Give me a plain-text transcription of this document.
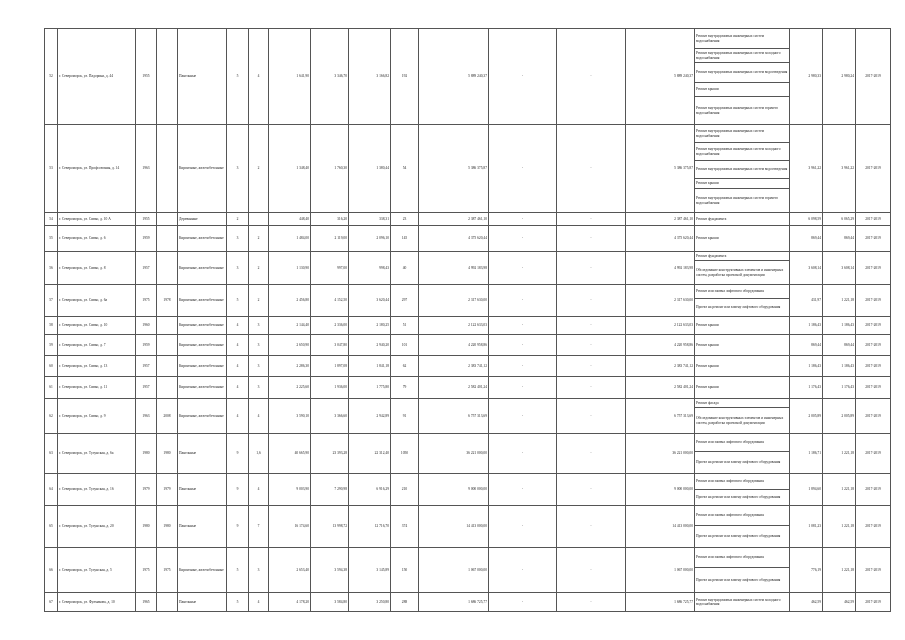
52	г. Североморск, ул. Падорина, д. 44	1955		Панельные	5	4	1 641,90	3 346,70	3 166,82	192	5 889 240,37	-	-	5 889 240,37	Ремонт внутридомовых инженерных систем водоснабжения	2 980,33	2 980,24	2017-2019
															Ремонт внутридомовых инженерных систем холодного водоснабжения			
															Ремонт внутридомовых инженерных систем водоотведения			
															Ремонт крыши			
															Ремонт внутридомовых инженерных систем горячего водоснабжения			
53	г. Североморск, ул. Профсоюзная, д. 14	1963		Кирпичные, железобетонные	3	2	1 348,40	1 760,30	1 380,44	54	5 386 375,87	-	-	5 386 375,87	Ремонт внутридомовых инженерных систем водоснабжения	3 961,22	3 961,22	2017-2019
															Ремонт внутридомовых инженерных систем холодного водоснабжения			
															Ремонт внутридомовых инженерных систем водоотведения			
															Ремонт крыши			
															Ремонт внутридомовых инженерных систем горячего водоснабжения			
54	г. Североморск, ул. Сивко, д. 10 А	1955		Деревянные	2		448,40	316,20	338,31	23	2 387 461,10	-	-	2 387 461,10	Ремонт фундамента	6 098,59	6 065,29	2017-2019
55	г. Североморск, ул. Сивко, д. 6	1959		Кирпичные, железобетонные	3	2	1 484,00	2 119,00	2 096,10	145	4 375 620,44	-	-	4 375 620,44	Ремонт крыши	869,44	869,44	2017-2019
56	г. Североморск, ул. Сивко, д. 8	1957		Кирпичные, железобетонные	3	2	1 130,90	997,00	998,43	40	4 992 183,98	-	-	4 992 183,98	Ремонт фундамента	3 608,14	3 608,14	2017-2019
															Обследование конструктивных элементов и инженерных систем, разработка проектной документации			
57	г. Североморск, ул. Сивко, д. 6а	1975	1978	Кирпичные, железобетонные	5	2	2 456,80	4 152,50	3 620,44	297	2 317 630,00	-	-	2 317 630,00	Ремонт или замена лифтового оборудования	431,97	1 221,18	2017-2019
															Проект на ремонт или замену лифтового оборудования			
58	г. Североморск, ул. Сивко, д. 10	1960		Кирпичные, железобетонные	4	3	2 144,40	2 336,00	2 180,25	51	2 122 633,03	-	-	2 122 633,03	Ремонт крыши	1 186,43	1 186,43	2017-2019
59	г. Североморск, ул. Сивко, д. 7	1959		Кирпичные, железобетонные	4	3	2 650,90	3 047,80	2 940,20	101	4 220 958,86	-	-	4 220 958,86	Ремонт крыши	869,44	869,44	2017-2019
60	г. Североморск, ул. Сивко, д. 13	1957		Кирпичные, железобетонные	4	3	2 286,30	1 897,08	1 841,18	62	2 383 741,12	-	-	2 383 741,12	Ремонт крыши	1 186,43	1 186,43	2017-2019
61	г. Североморск, ул. Сивко, д. 11	1957		Кирпичные, железобетонные	4	3	2 225,60	1 936,00	1 775,80	79	2 582 401,24	-	-	2 582 401,24	Ремонт крыши	1 176,43	1 176,43	2017-2019
62	г. Североморск, ул. Сивко, д. 9	1963	2008	Кирпичные, железобетонные	4	4	3 590,10	3 366,60	2 942,89	91	6 757 313,69	-	-	6 757 313,69	Ремонт фасада	2 005,89	2 005,89	2017-2019
															Обследование конструктивных элементов и инженерных систем, разработка проектной документации			
63	г. Североморск, ул. Тулунская, д. 6а	1980	1980	Панельные	9	1,6	40 665,90	23 393,28	22 312,40	1050	36 221 000,00	-	-	36 221 000,00	Ремонт или замена лифтового оборудования	1 186,71	1 221,18	2017-2019
															Проект на ремонт или замену лифтового оборудования			
64	г. Североморск, ул. Тулунская, д. 16	1979	1979	Панельные	9	4	9 003,90	7 290,98	6 916,29	210	9 000 000,00	-	-	9 000 000,00	Ремонт или замена лифтового оборудования	1 894,60	1 221,18	2017-2019
															Проект на ремонт или замену лифтового оборудования			
65	г. Североморск, ул. Тулунская, д. 20	1980	1980	Панельные	9	7	16 174,60	13 998,72	12 716,70	374	14 413 000,00	-	-	14 413 000,00	Ремонт или замена лифтового оборудования	1 081,23	1 221,18	2017-2019
															Проект на ремонт или замену лифтового оборудования			
66	г. Североморск, ул. Тулунская, д. 5	1975	1975	Кирпичные, железобетонные	5	3	2 653,40	3 594,38	3 145,89	150	1 067 000,00	-	-	1 067 000,00	Ремонт или замена лифтового оборудования	776,19	1 221,18	2017-2019
															Проект на ремонт или замену лифтового оборудования			
67	г. Североморск, ул. Фулмакова, д. 10	1965		Панельные	5	4	4 178,20	3 584,80	3 250,80	288	1 686 725,77	-	-	1 686 725,77	Ремонт внутридомовых инженерных систем холодного водоснабжения	462,59	462,59	2017-2019
